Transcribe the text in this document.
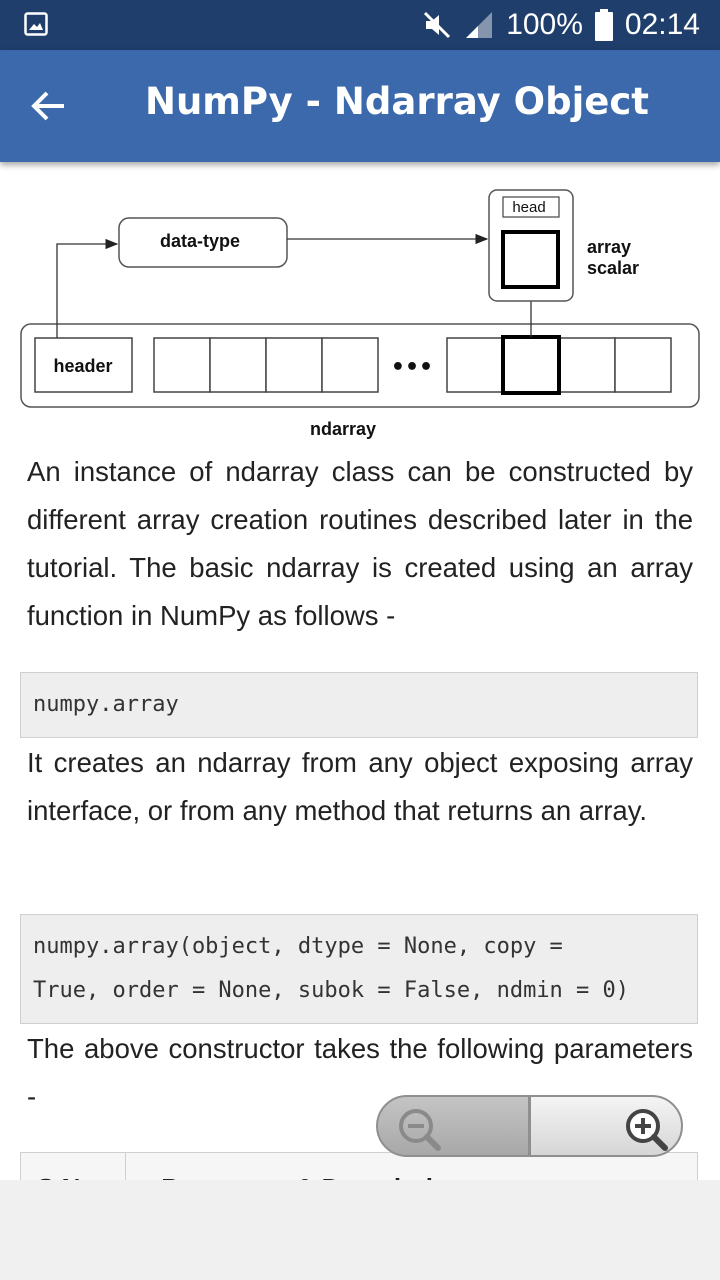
100% 02:14
NumPy - Ndarray Object
header	•••
ndarray
data-type
head
array
scalar
An instance of ndarray class can be constructed by different array creation routines described later in the tutorial. The basic ndarray is created using an array function in NumPy as follows -
numpy.array
It creates an ndarray from any object exposing array interface, or from any method that returns an array.
numpy.array(object, dtype = None, copy =
True, order = None, subok = False, ndmin = 0)
The above constructor takes the following parameters -
